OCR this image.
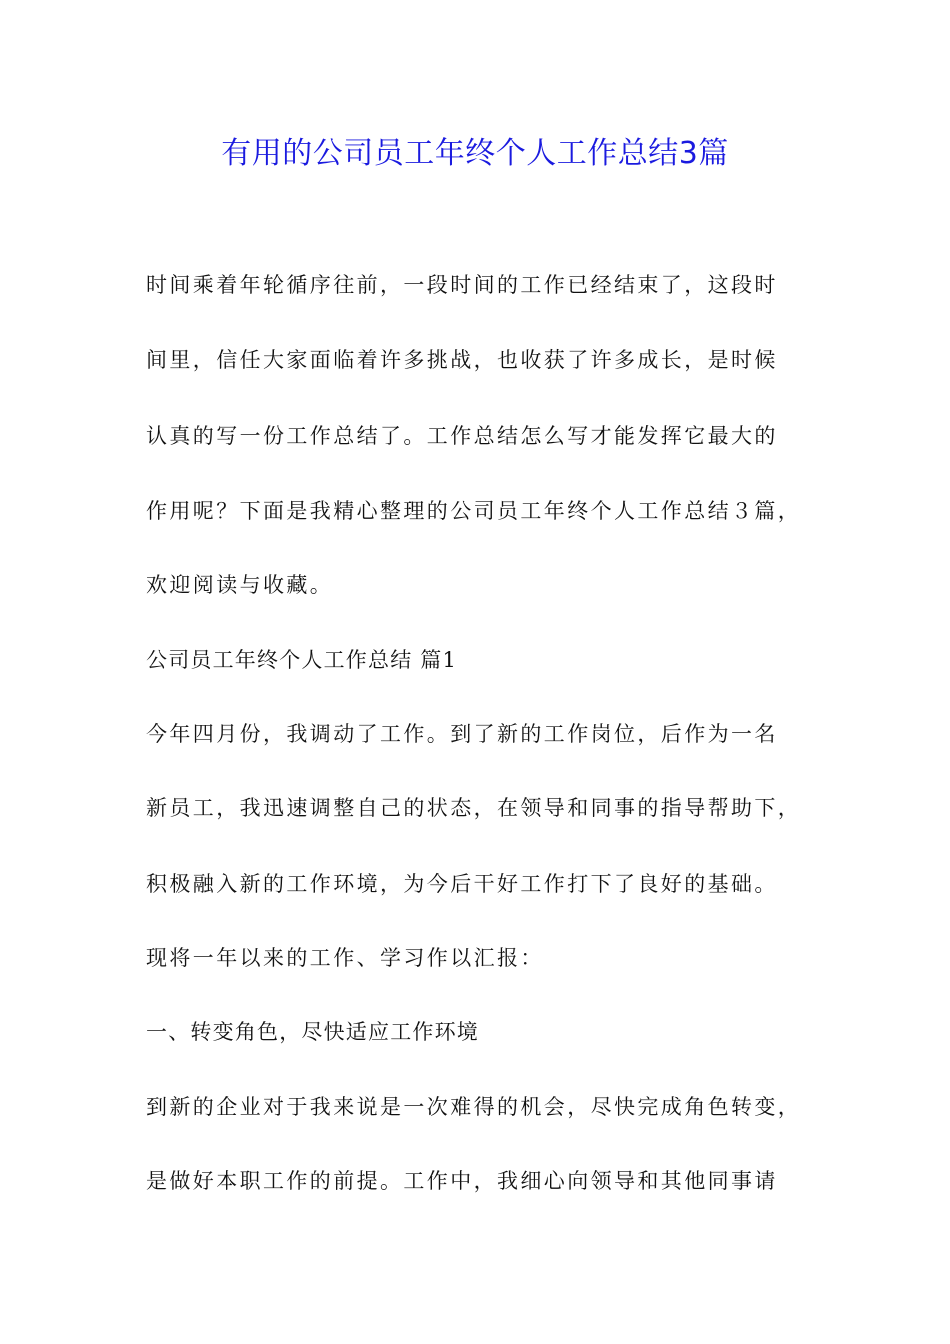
有用的公司员工年终个人工作总结3篇
时间乘着年轮循序往前，一段时间的工作已经结束了，这段时
间里，信任大家面临着许多挑战，也收获了许多成长，是时候
认真的写一份工作总结了。工作总结怎么写才能发挥它最大的
作用呢？下面是我精心整理的公司员工年终个人工作总结３篇，
欢迎阅读与收藏。
公司员工年终个人工作总结 篇1
今年四月份，我调动了工作。到了新的工作岗位，后作为一名
新员工，我迅速调整自己的状态，在领导和同事的指导帮助下，
积极融入新的工作环境，为今后干好工作打下了良好的基础。
现将一年以来的工作、学习作以汇报：
一、转变角色，尽快适应工作环境
到新的企业对于我来说是一次难得的机会，尽快完成角色转变，
是做好本职工作的前提。工作中，我细心向领导和其他同事请
